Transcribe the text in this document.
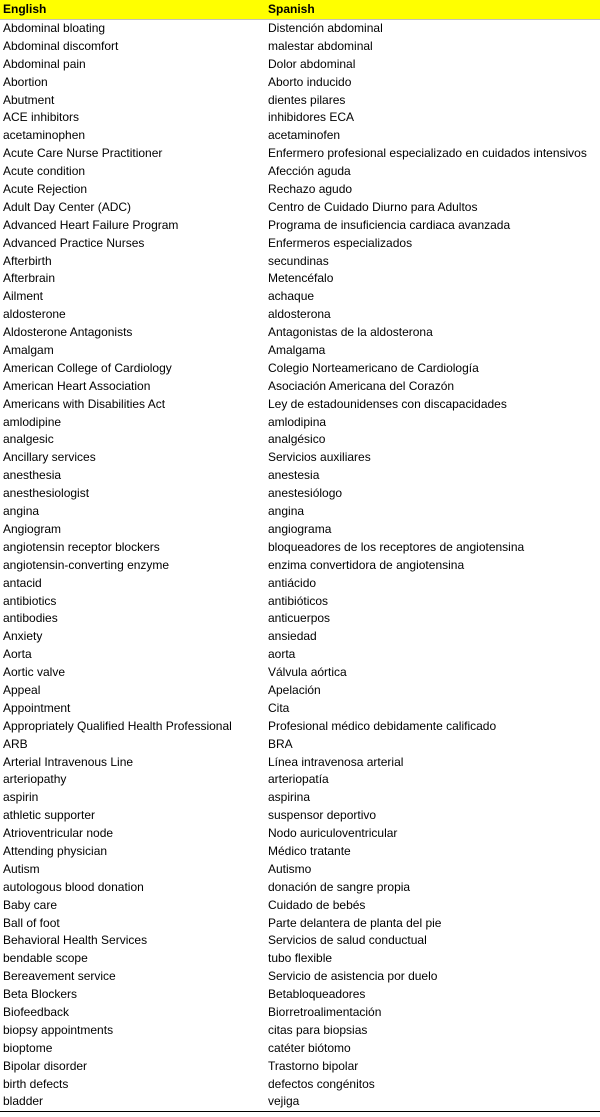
English	Spanish
Abdominal bloating	Distención abdominal
Abdominal discomfort	malestar abdominal
Abdominal pain	Dolor abdominal
Abortion	Aborto inducido
Abutment	dientes pilares
ACE inhibitors	inhibidores ECA
acetaminophen	acetaminofen
Acute Care Nurse Practitioner	Enfermero profesional especializado en cuidados intensivos
Acute condition	Afección aguda
Acute Rejection	Rechazo agudo
Adult Day Center (ADC)	Centro de Cuidado Diurno para Adultos
Advanced Heart Failure Program	Programa de insuficiencia cardiaca avanzada
Advanced Practice Nurses	Enfermeros especializados
Afterbirth	secundinas
Afterbrain	Metencéfalo
Ailment	achaque
aldosterone	aldosterona
Aldosterone Antagonists	Antagonistas de la aldosterona
Amalgam	Amalgama
American College of Cardiology	Colegio Norteamericano de Cardiología
American Heart Association	Asociación Americana del Corazón
Americans with Disabilities Act	Ley de estadounidenses con discapacidades
amlodipine	amlodipina
analgesic	analgésico
Ancillary services	Servicios auxiliares
anesthesia	anestesia
anesthesiologist	anestesiólogo
angina	angina
Angiogram	angiograma
angiotensin receptor blockers	bloqueadores de los receptores de angiotensina
angiotensin-converting enzyme	enzima convertidora de angiotensina
antacid	antiácido
antibiotics	antibióticos
antibodies	anticuerpos
Anxiety	ansiedad
Aorta	aorta
Aortic valve	Válvula aórtica
Appeal	Apelación
Appointment	Cita
Appropriately Qualified Health Professional	Profesional médico debidamente calificado
ARB	BRA
Arterial Intravenous Line	Línea intravenosa arterial
arteriopathy	arteriopatía
aspirin	aspirina
athletic supporter	suspensor deportivo
Atrioventricular node	Nodo auriculoventricular
Attending physician	Médico tratante
Autism	Autismo
autologous blood donation	donación de sangre propia
Baby care	Cuidado de bebés
Ball of foot	Parte delantera de planta del pie
Behavioral Health Services	Servicios de salud conductual
bendable scope	tubo flexible
Bereavement service	Servicio de asistencia por duelo
Beta Blockers	Betabloqueadores
Biofeedback	Biorretroalimentación
biopsy appointments	citas para biopsias
bioptome	catéter biótomo
Bipolar disorder	Trastorno bipolar
birth defects	defectos congénitos
bladder	vejiga
